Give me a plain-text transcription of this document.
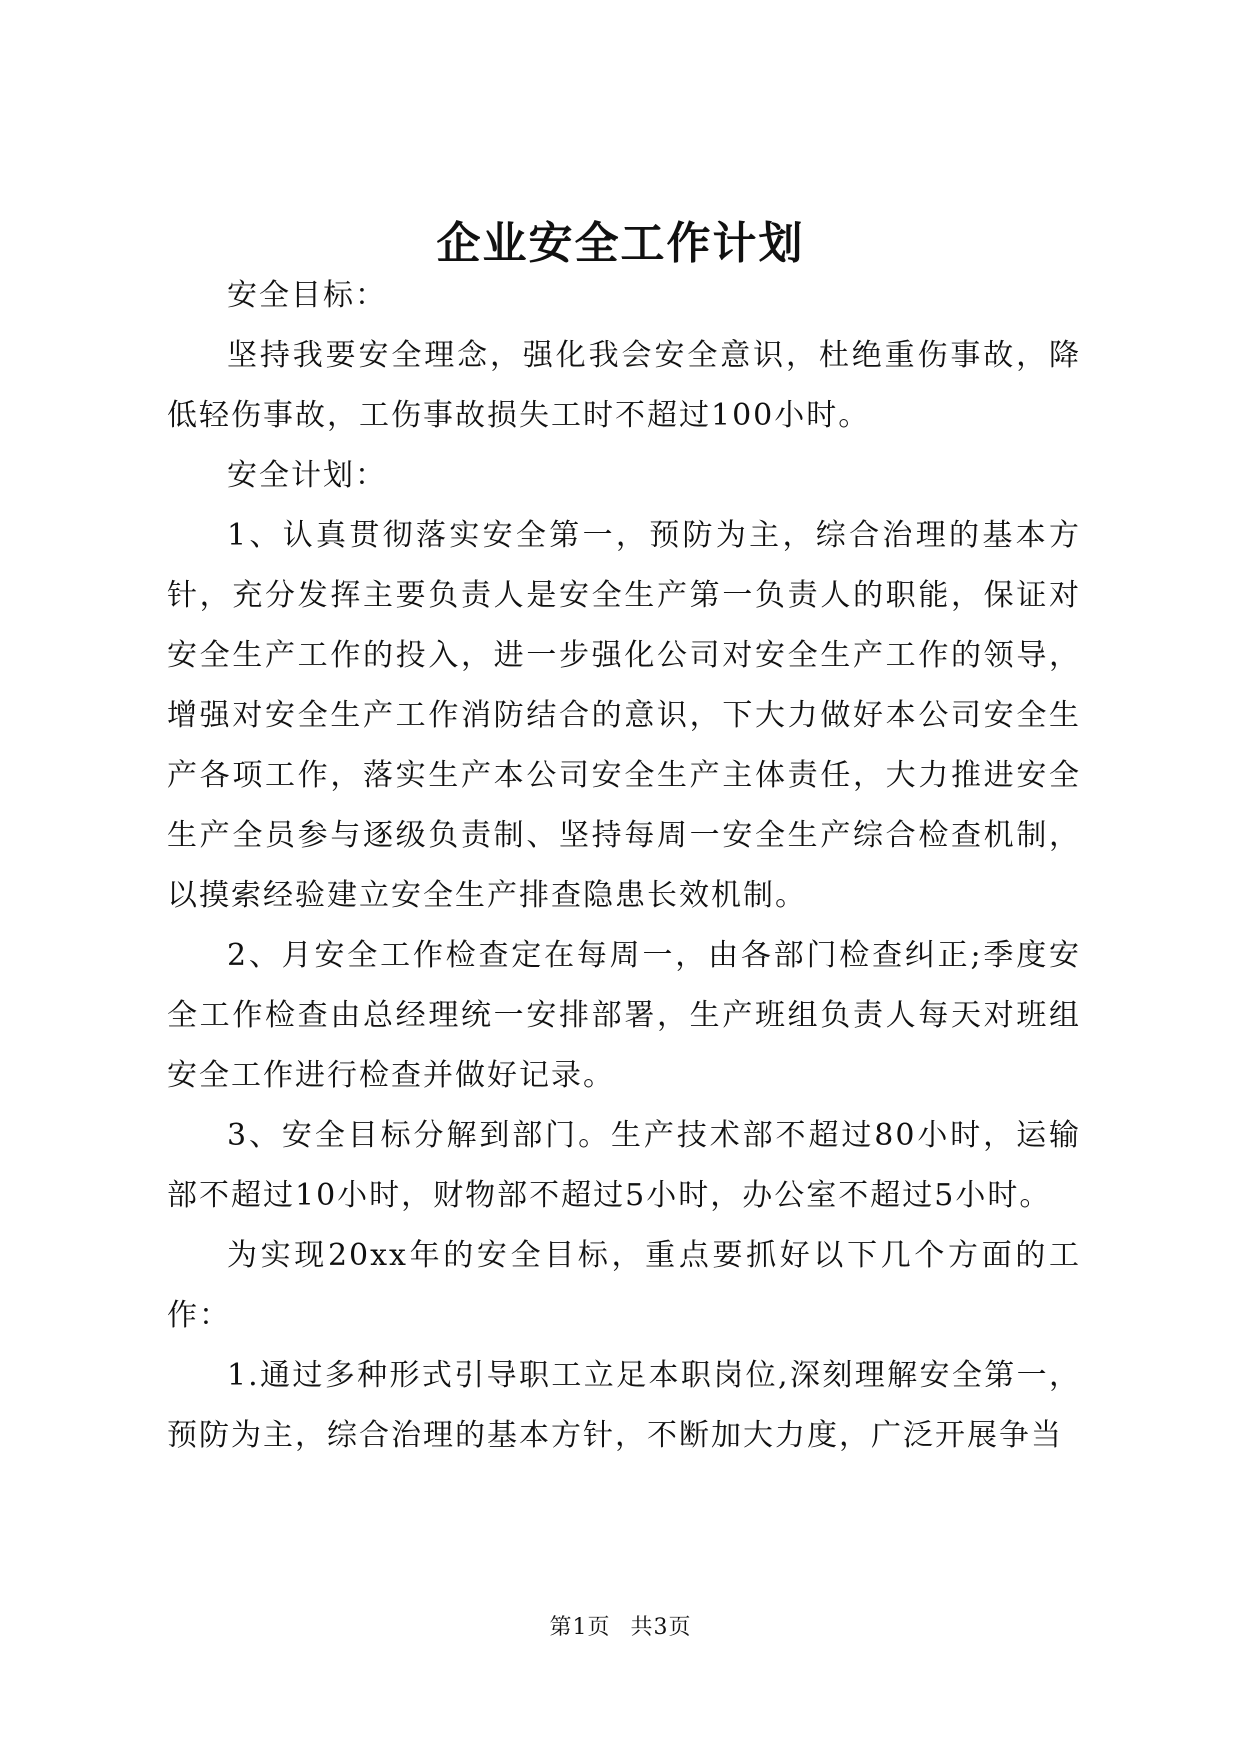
企业安全工作计划

安全目标：

坚持我要安全理念，强化我会安全意识，杜绝重伤事故，降低轻伤事故，工伤事故损失工时不超过100小时。

安全计划：

1、认真贯彻落实安全第一，预防为主，综合治理的基本方针，充分发挥主要负责人是安全生产第一负责人的职能，保证对安全生产工作的投入，进一步强化公司对安全生产工作的领导，增强对安全生产工作消防结合的意识，下大力做好本公司安全生产各项工作，落实生产本公司安全生产主体责任，大力推进安全生产全员参与逐级负责制、坚持每周一安全生产综合检查机制，以摸索经验建立安全生产排查隐患长效机制。

2、月安全工作检查定在每周一，由各部门检查纠正;季度安全工作检查由总经理统一安排部署，生产班组负责人每天对班组安全工作进行检查并做好记录。

3、安全目标分解到部门。生产技术部不超过80小时，运输部不超过10小时，财物部不超过5小时，办公室不超过5小时。

为实现20xx年的安全目标，重点要抓好以下几个方面的工作：

1.通过多种形式引导职工立足本职岗位,深刻理解安全第一，预防为主，综合治理的基本方针，不断加大力度，广泛开展争当

第1页 共3页
